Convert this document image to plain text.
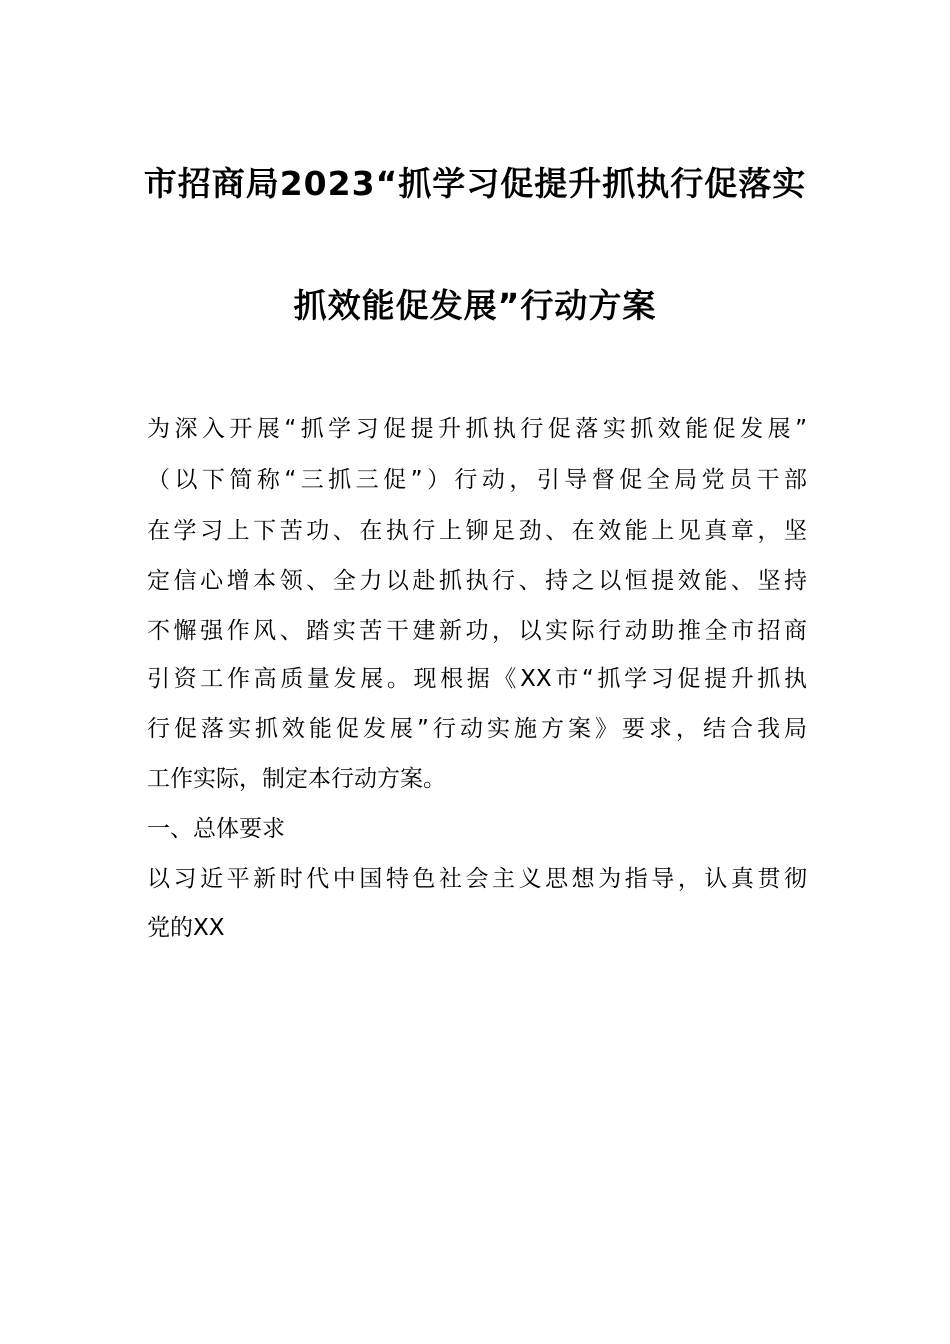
市招商局2023“抓学习促提升抓执行促落实
抓效能促发展”行动方案
为深入开展“抓学习促提升抓执行促落实抓效能促发展”
（以下简称“三抓三促”）行动，引导督促全局党员干部
在学习上下苦功、在执行上铆足劲、在效能上见真章，坚
定信心增本领、全力以赴抓执行、持之以恒提效能、坚持
不懈强作风、踏实苦干建新功，以实际行动助推全市招商
引资工作高质量发展。现根据《XX市“抓学习促提升抓执
行促落实抓效能促发展”行动实施方案》要求，结合我局
工作实际，制定本行动方案。
一、总体要求
以习近平新时代中国特色社会主义思想为指导，认真贯彻
党的XX
